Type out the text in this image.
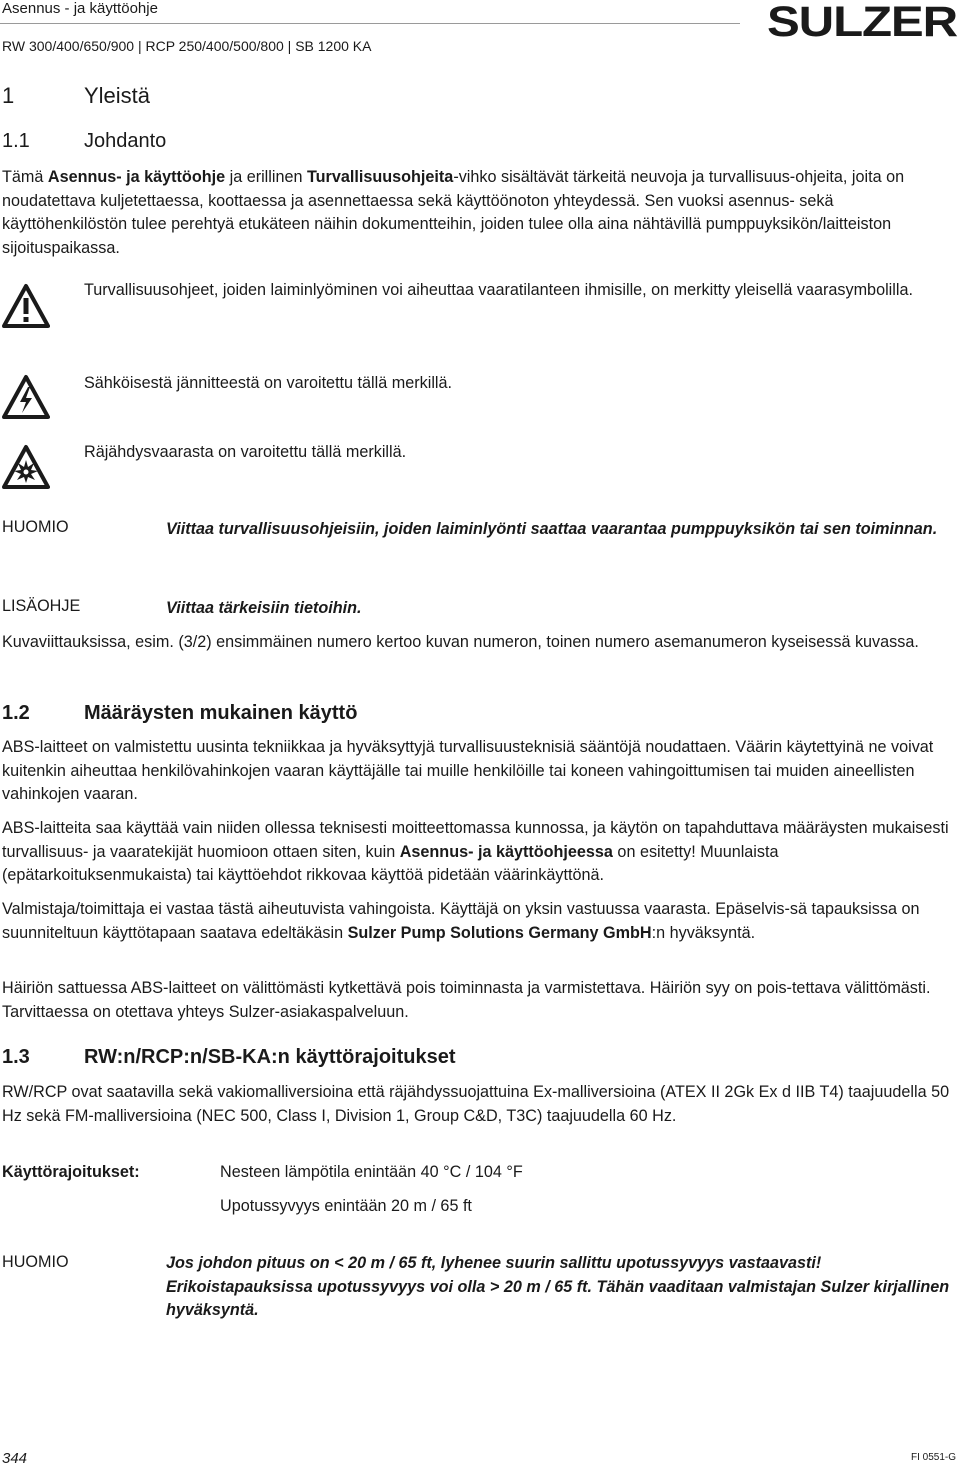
Asennus - ja käyttöohje
RW 300/400/650/900 | RCP 250/400/500/800 | SB 1200 KA	SULZER
1	Yleistä
1.1	Johdanto
Tämä Asennus- ja käyttöohje ja erillinen Turvallisuusohjeita-vihko sisältävät tärkeitä neuvoja ja turvallisuus-ohjeita, joita on noudatettava kuljetettaessa, koottaessa ja asennettaessa sekä käyttöönoton yhteydessä. Sen vuoksi asennus- sekä käyttöhenkilöstön tulee perehtyä etukäteen näihin dokumentteihin, joiden tulee olla aina nähtävillä pumppuyksikön/laitteiston sijoituspaikassa.
Turvallisuusohjeet, joiden laiminlyöminen voi aiheuttaa vaaratilanteen ihmisille, on merkitty yleisellä vaarasymbolilla.
Sähköisestä jännitteestä on varoitettu tällä merkillä.
Räjähdysvaarasta on varoitettu tällä merkillä.
HUOMIO	Viittaa turvallisuusohjeisiin, joiden laiminlyönti saattaa vaarantaa pumppuyksikön tai sen toiminnan.
LISÄOHJE	Viittaa tärkeisiin tietoihin.
Kuvaviittauksissa, esim. (3/2) ensimmäinen numero kertoo kuvan numeron, toinen numero asemanumeron kyseisessä kuvassa.
1.2	Määräysten mukainen käyttö
ABS-laitteet on valmistettu uusinta tekniikkaa ja hyväksyttyjä turvallisuusteknisiä sääntöjä noudattaen. Väärin käytettyinä ne voivat kuitenkin aiheuttaa henkilövahinkojen vaaran käyttäjälle tai muille henkilöille tai koneen vahingoittumisen tai muiden aineellisten vahinkojen vaaran.
ABS-laitteita saa käyttää vain niiden ollessa teknisesti moitteettomassa kunnossa, ja käytön on tapahduttava määräysten mukaisesti turvallisuus- ja vaaratekijät huomioon ottaen siten, kuin Asennus- ja käyttöohjeessa on esitetty! Muunlaista (epätarkoituksenmukaista) tai käyttöehdot rikkovaa käyttöä pidetään väärinkäyttönä.
Valmistaja/toimittaja ei vastaa tästä aiheutuvista vahingoista. Käyttäjä on yksin vastuussa vaarasta. Epäselvis-sä tapauksissa on suunniteltuun käyttötapaan saatava edeltäkäsin Sulzer Pump Solutions Germany GmbH:n hyväksyntä.
Häiriön sattuessa ABS-laitteet on välittömästi kytkettävä pois toiminnasta ja varmistettava. Häiriön syy on pois-tettava välittömästi. Tarvittaessa on otettava yhteys Sulzer-asiakaspalveluun.
1.3	RW:n/RCP:n/SB-KA:n käyttörajoitukset
RW/RCP ovat saatavilla sekä vakiomalliversioina että räjähdyssuojattuina Ex-malliversioina (ATEX II 2Gk Ex d IIB T4) taajuudella 50 Hz sekä FM-malliversioina (NEC 500, Class I, Division 1, Group C&D, T3C) taajuudella 60 Hz.
Käyttörajoitukset:	Nesteen lämpötila enintään 40 °C / 104 °F
Upotussyvyys enintään 20 m / 65 ft
HUOMIO	Jos johdon pituus on < 20 m / 65 ft, lyhenee suurin sallittu upotussyvyys vastaavasti! Erikoistapauksissa upotussyvyys voi olla > 20 m / 65 ft. Tähän vaaditaan valmistajan Sulzer kirjallinen hyväksyntä.
344	FI 0551-G
